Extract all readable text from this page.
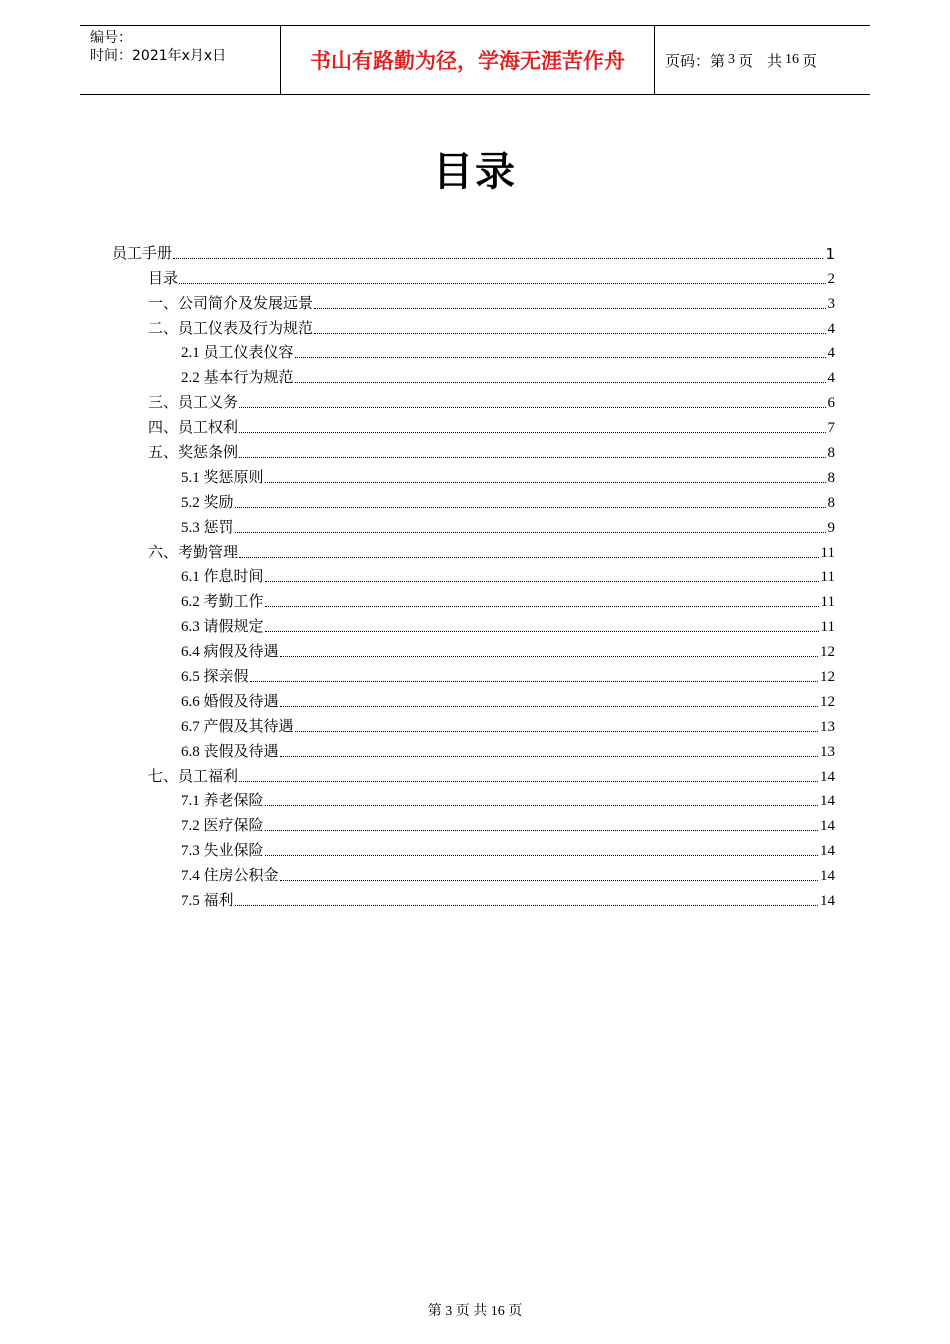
编号：
时间：2021年x月x日	书山有路勤为径，学海无涯苦作舟	页码：第 3 页 共 16 页
目录
员工手册	1
目录	2
一、公司简介及发展远景	3
二、员工仪表及行为规范	4
2.1 员工仪表仪容	4
2.2 基本行为规范	4
三、员工义务	6
四、员工权利	7
五、奖惩条例	8
5.1 奖惩原则	8
5.2 奖励	8
5.3 惩罚	9
六、考勤管理	11
6.1 作息时间	11
6.2 考勤工作	11
6.3 请假规定	11
6.4 病假及待遇	12
6.5 探亲假	12
6.6 婚假及待遇	12
6.7 产假及其待遇	13
6.8 丧假及待遇	13
七、员工福利	14
7.1 养老保险	14
7.2 医疗保险	14
7.3 失业保险	14
7.4 住房公积金	14
7.5 福利	14
第 3 页 共 16 页
